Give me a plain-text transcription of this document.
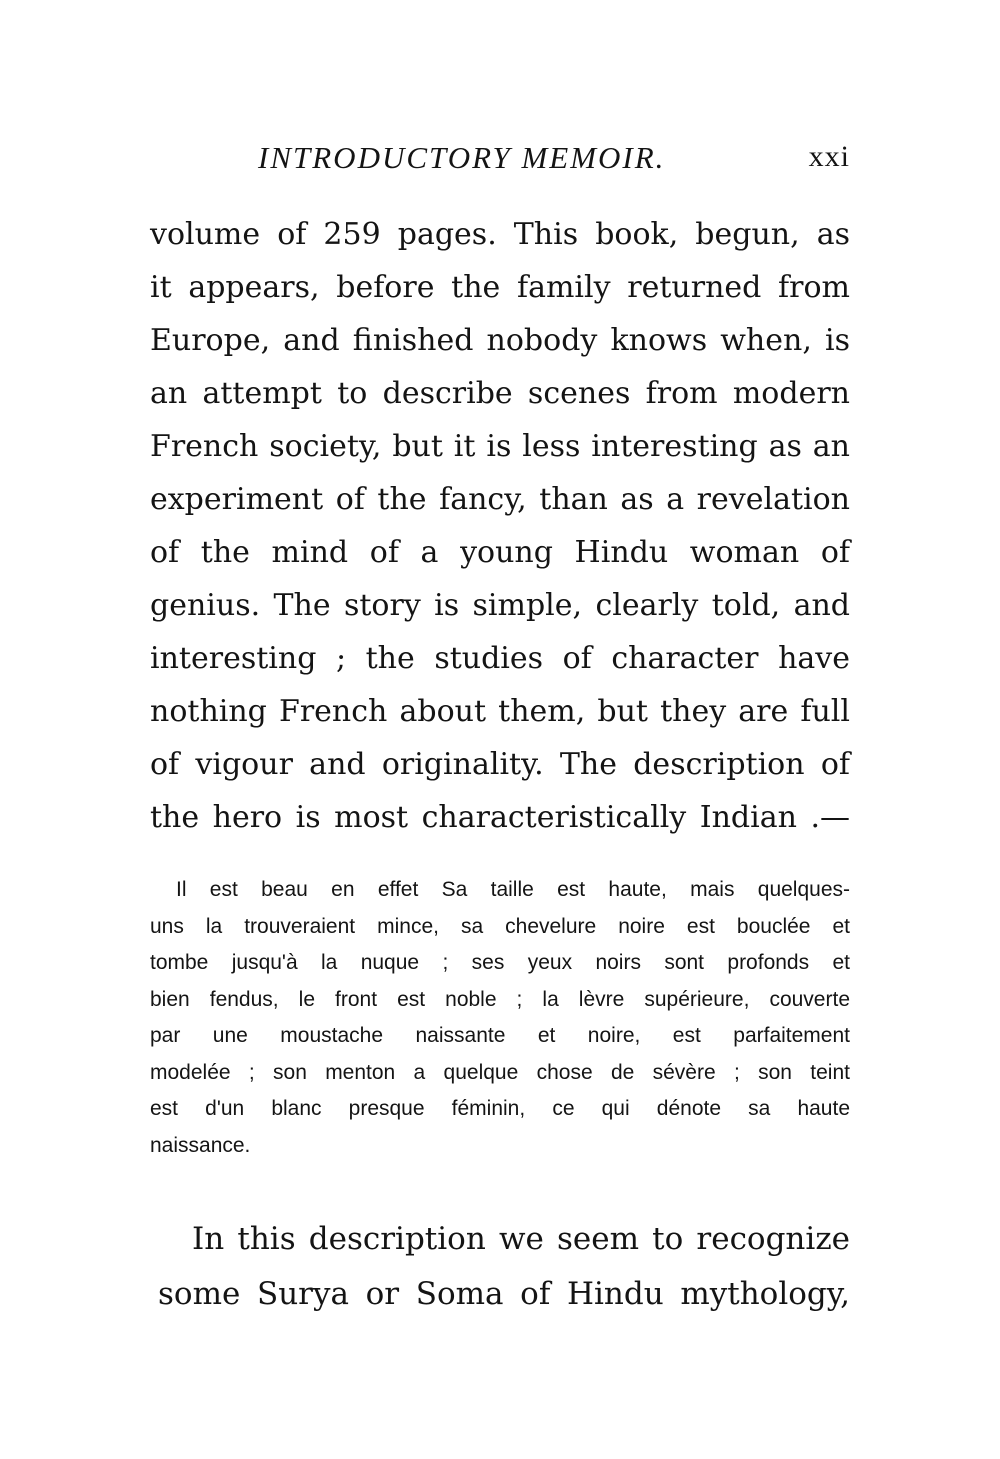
INTRODUCTORY MEMOIR.	xxi
volume of 259 pages. This book, begun, as
it appears, before the family returned from
Europe, and finished nobody knows when, is
an attempt to describe scenes from modern
French society, but it is less interesting as an
experiment of the fancy, than as a revelation
of the mind of a young Hindu woman of
genius. The story is simple, clearly told, and
interesting ; the studies of character have
nothing French about them, but they are full
of vigour and originality. The description of
the hero is most characteristically Indian .—
Il est beau en effet Sa taille est haute, mais quelques-
uns la trouveraient mince, sa chevelure noire est bouclée et
tombe jusqu'à la nuque ; ses yeux noirs sont profonds et
bien fendus, le front est noble ; la lèvre supérieure, couverte
par une moustache naissante et noire, est parfaitement
modelée ; son menton a quelque chose de sévère ; son teint
est d'un blanc presque féminin, ce qui dénote sa haute
naissance.
In this description we seem to recognize
some Surya or Soma of Hindu mythology,
